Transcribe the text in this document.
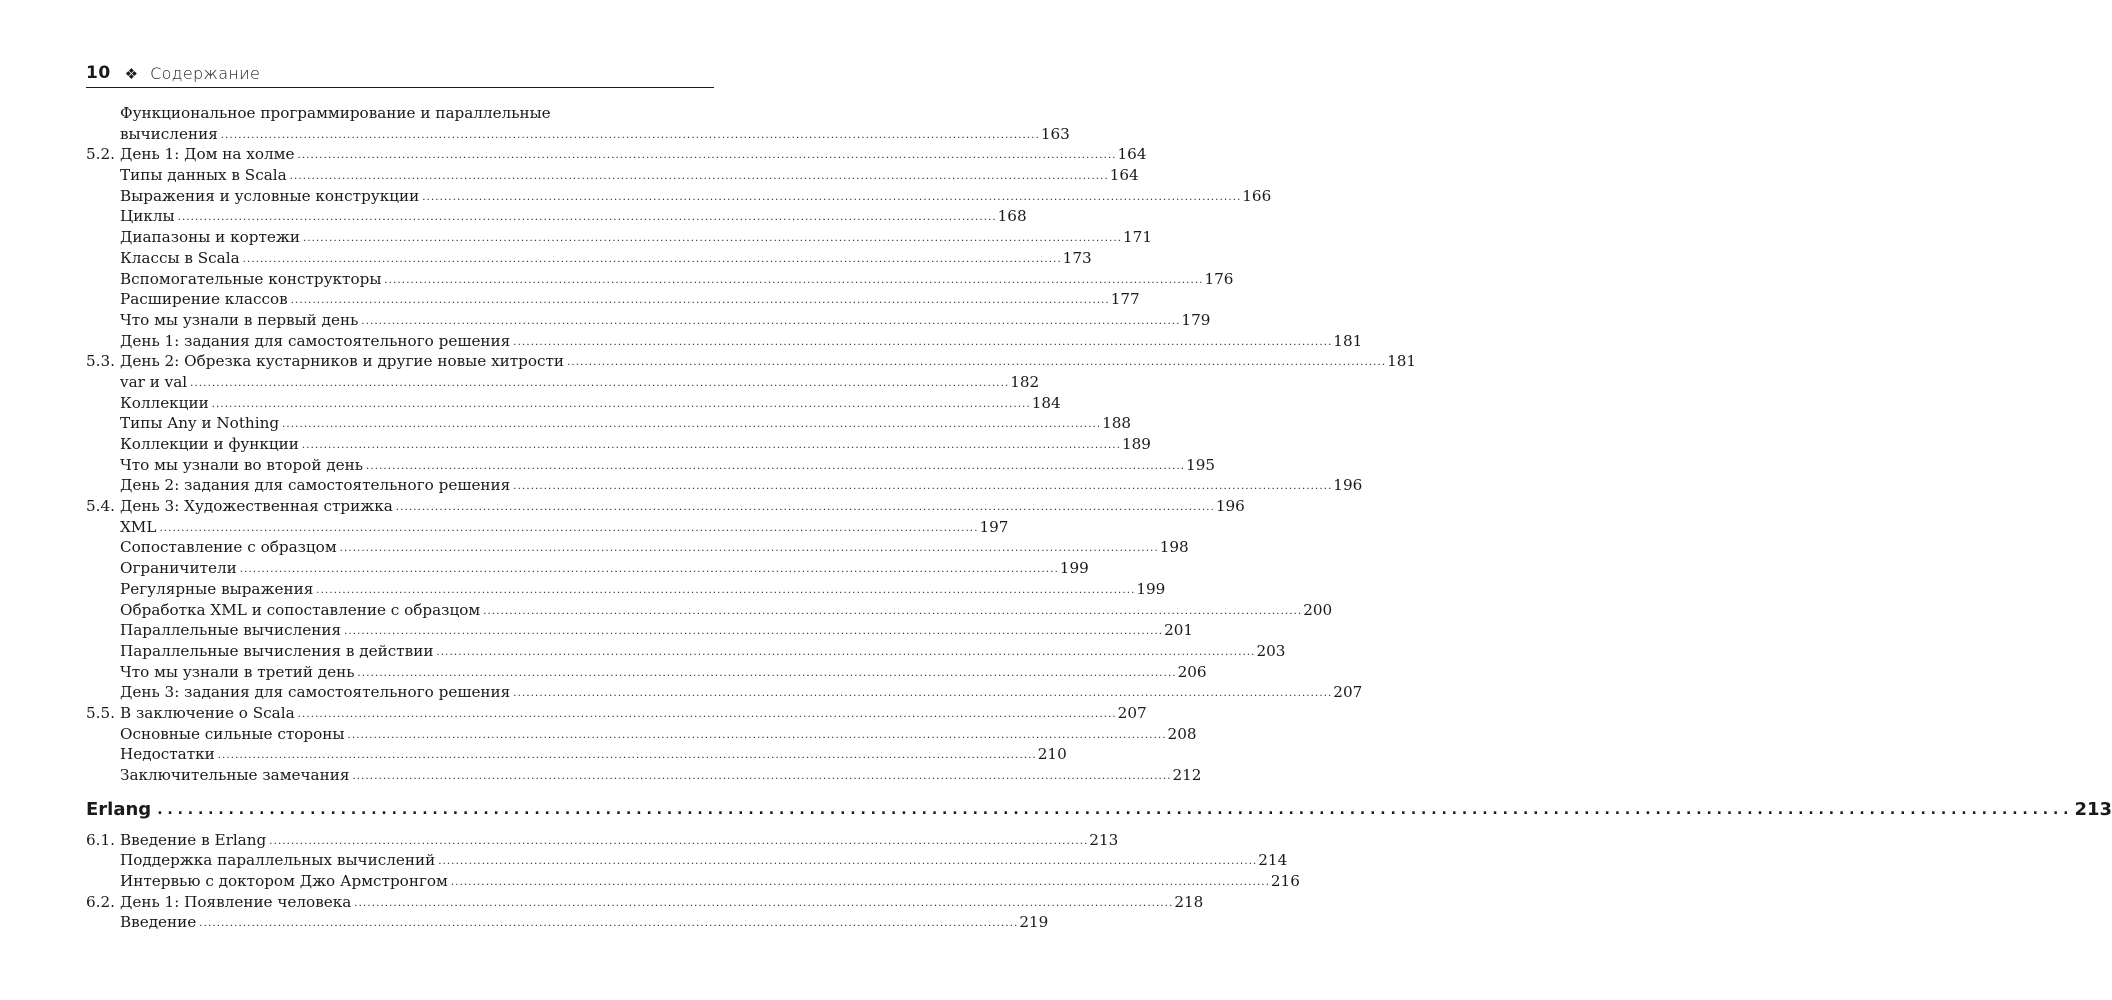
10 ❖ Содержание
Функциональное программирование и параллельные
вычисления . . .	163
5.2. День 1: Дом на холме . . .	164
Типы данных в Scala . . .	164
Выражения и условные конструкции . . .	166
Циклы . . .	168
Диапазоны и кортежи . . .	171
Классы в Scala . . .	173
Вспомогательные конструкторы . . .	176
Расширение классов . . .	177
Что мы узнали в первый день . . .	179
День 1: задания для самостоятельного решения . . .	181
5.3. День 2: Обрезка кустарников и другие новые хитрости . . .	181
var и val . . .	182
Коллекции . . .	184
Типы Any и Nothing . . .	188
Коллекции и функции . . .	189
Что мы узнали во второй день . . .	195
День 2: задания для самостоятельного решения . . .	196
5.4. День 3: Художественная стрижка . . .	196
XML . . .	197
Сопоставление с образцом . . .	198
Ограничители . . .	199
Регулярные выражения . . .	199
Обработка XML и сопоставление с образцом . . .	200
Параллельные вычисления . . .	201
Параллельные вычисления в действии . . .	203
Что мы узнали в третий день . . .	206
День 3: задания для самостоятельного решения . . .	207
5.5. В заключение о Scala . . .	207
Основные сильные стороны . . .	208
Недостатки . . .	210
Заключительные замечания . . .	212
Erlang . . .	213
6.1. Введение в Erlang . . .	213
Поддержка параллельных вычислений . . .	214
Интервью с доктором Джо Армстронгом . . .	216
6.2. День 1: Появление человека . . .	218
Введение . . .	219
